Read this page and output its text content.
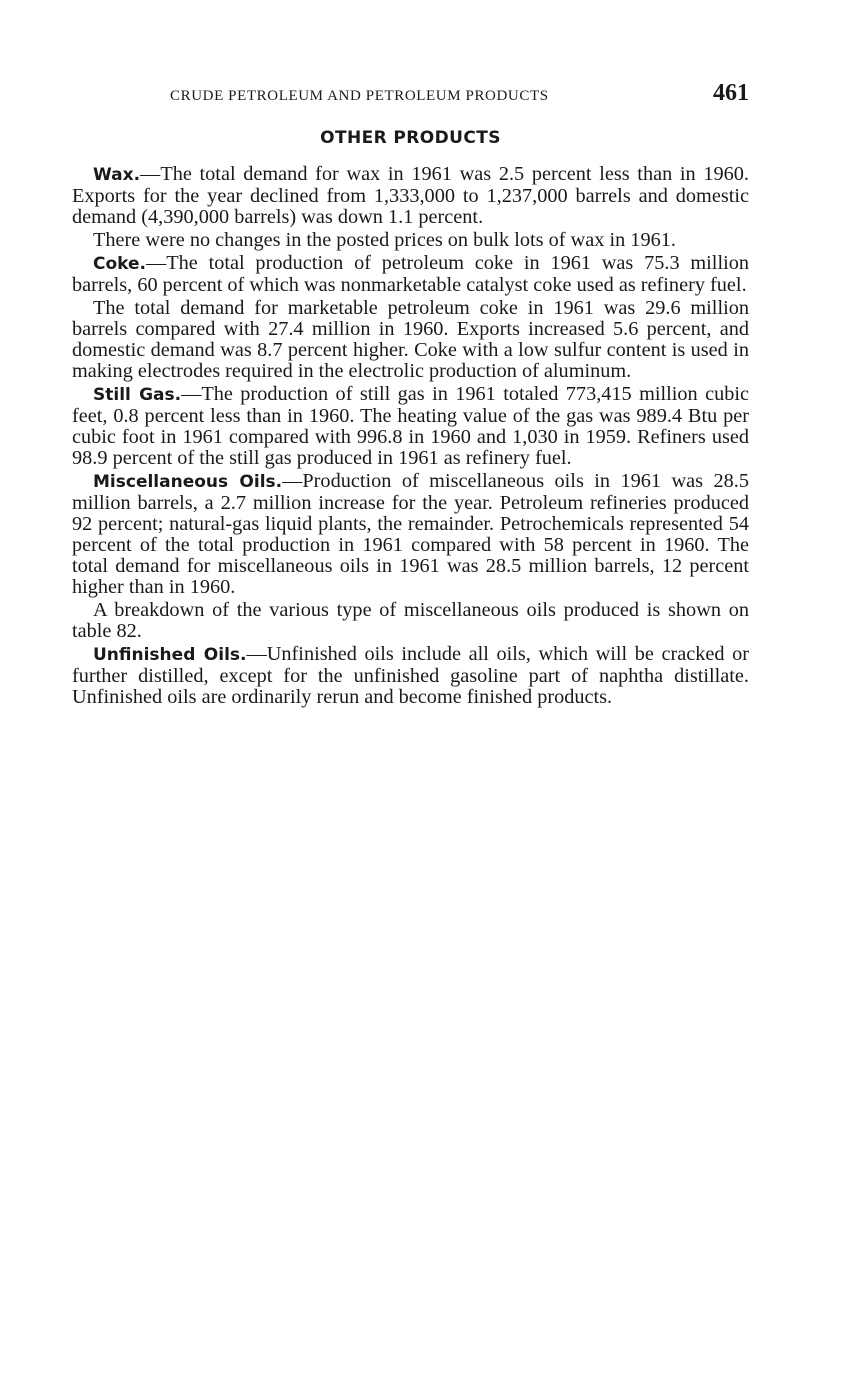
CRUDE PETROLEUM AND PETROLEUM PRODUCTS	461
OTHER PRODUCTS

Wax.—The total demand for wax in 1961 was 2.5 percent less than in 1960. Exports for the year declined from 1,333,000 to 1,237,000 barrels and domestic demand (4,390,000 barrels) was down 1.1 percent.

There were no changes in the posted prices on bulk lots of wax in 1961.

Coke.—The total production of petroleum coke in 1961 was 75.3 million barrels, 60 percent of which was nonmarketable catalyst coke used as refinery fuel.

The total demand for marketable petroleum coke in 1961 was 29.6 million barrels compared with 27.4 million in 1960. Exports increased 5.6 percent, and domestic demand was 8.7 percent higher. Coke with a low sulfur content is used in making electrodes required in the electrolic production of aluminum.

Still Gas.—The production of still gas in 1961 totaled 773,415 million cubic feet, 0.8 percent less than in 1960. The heating value of the gas was 989.4 Btu per cubic foot in 1961 compared with 996.8 in 1960 and 1,030 in 1959. Refiners used 98.9 percent of the still gas produced in 1961 as refinery fuel.

Miscellaneous Oils.—Production of miscellaneous oils in 1961 was 28.5 million barrels, a 2.7 million increase for the year. Petroleum refineries produced 92 percent; natural-gas liquid plants, the remainder. Petrochemicals represented 54 percent of the total production in 1961 compared with 58 percent in 1960. The total demand for miscellaneous oils in 1961 was 28.5 million barrels, 12 percent higher than in 1960.

A breakdown of the various type of miscellaneous oils produced is shown on table 82.

Unfinished Oils.—Unfinished oils include all oils, which will be cracked or further distilled, except for the unfinished gasoline part of naphtha distillate. Unfinished oils are ordinarily rerun and become finished products.
